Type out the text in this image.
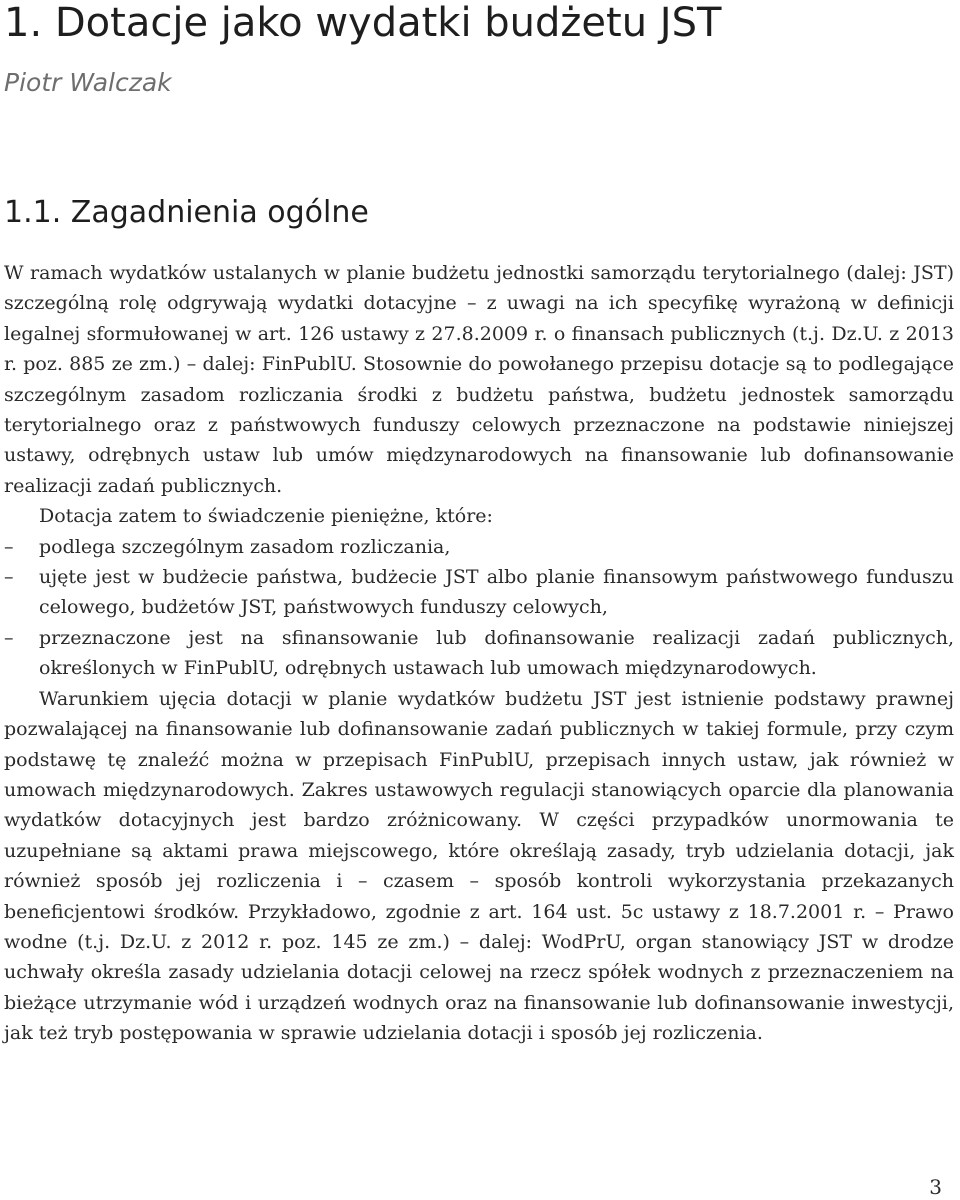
1. Dotacje jako wydatki budżetu JST

Piotr Walczak

1.1. Zagadnienia ogólne

W ramach wydatków ustalanych w planie budżetu jednostki samorządu terytorialnego (dalej: JST) szczególną rolę odgrywają wydatki dotacyjne – z uwagi na ich specyfikę wyrażoną w definicji legalnej sformułowanej w art. 126 ustawy z 27.8.2009 r. o finansach publicznych (t.j. Dz.U. z 2013 r. poz. 885 ze zm.) – dalej: FinPublU. Stosownie do powołanego przepisu dotacje są to podlegające szczególnym zasadom rozliczania środki z budżetu państwa, budżetu jednostek samorządu terytorialnego oraz z państwowych funduszy celowych przeznaczone na podstawie niniejszej ustawy, odrębnych ustaw lub umów międzynarodowych na finansowanie lub dofinansowanie realizacji zadań publicznych.

Dotacja zatem to świadczenie pieniężne, które:

– podlega szczególnym zasadom rozliczania,
– ujęte jest w budżecie państwa, budżecie JST albo planie finansowym państwowego funduszu celowego, budżetów JST, państwowych funduszy celowych,
– przeznaczone jest na sfinansowanie lub dofinansowanie realizacji zadań publicznych, określonych w FinPublU, odrębnych ustawach lub umowach międzynarodowych.

Warunkiem ujęcia dotacji w planie wydatków budżetu JST jest istnienie podstawy prawnej pozwalającej na finansowanie lub dofinansowanie zadań publicznych w takiej formule, przy czym podstawę tę znaleźć można w przepisach FinPublU, przepisach innych ustaw, jak również w umowach międzynarodowych. Zakres ustawowych regulacji stanowiących oparcie dla planowania wydatków dotacyjnych jest bardzo zróżnicowany. W części przypadków unormowania te uzupełniane są aktami prawa miejscowego, które określają zasady, tryb udzielania dotacji, jak również sposób jej rozliczenia i – czasem – sposób kontroli wykorzystania przekazanych beneficjentowi środków. Przykładowo, zgodnie z art. 164 ust. 5c ustawy z 18.7.2001 r. – Prawo wodne (t.j. Dz.U. z 2012 r. poz. 145 ze zm.) – dalej: WodPrU, organ stanowiący JST w drodze uchwały określa zasady udzielania dotacji celowej na rzecz spółek wodnych z przeznaczeniem na bieżące utrzymanie wód i urządzeń wodnych oraz na finansowanie lub dofinansowanie inwestycji, jak też tryb postępowania w sprawie udzielania dotacji i sposób jej rozliczenia.

3
